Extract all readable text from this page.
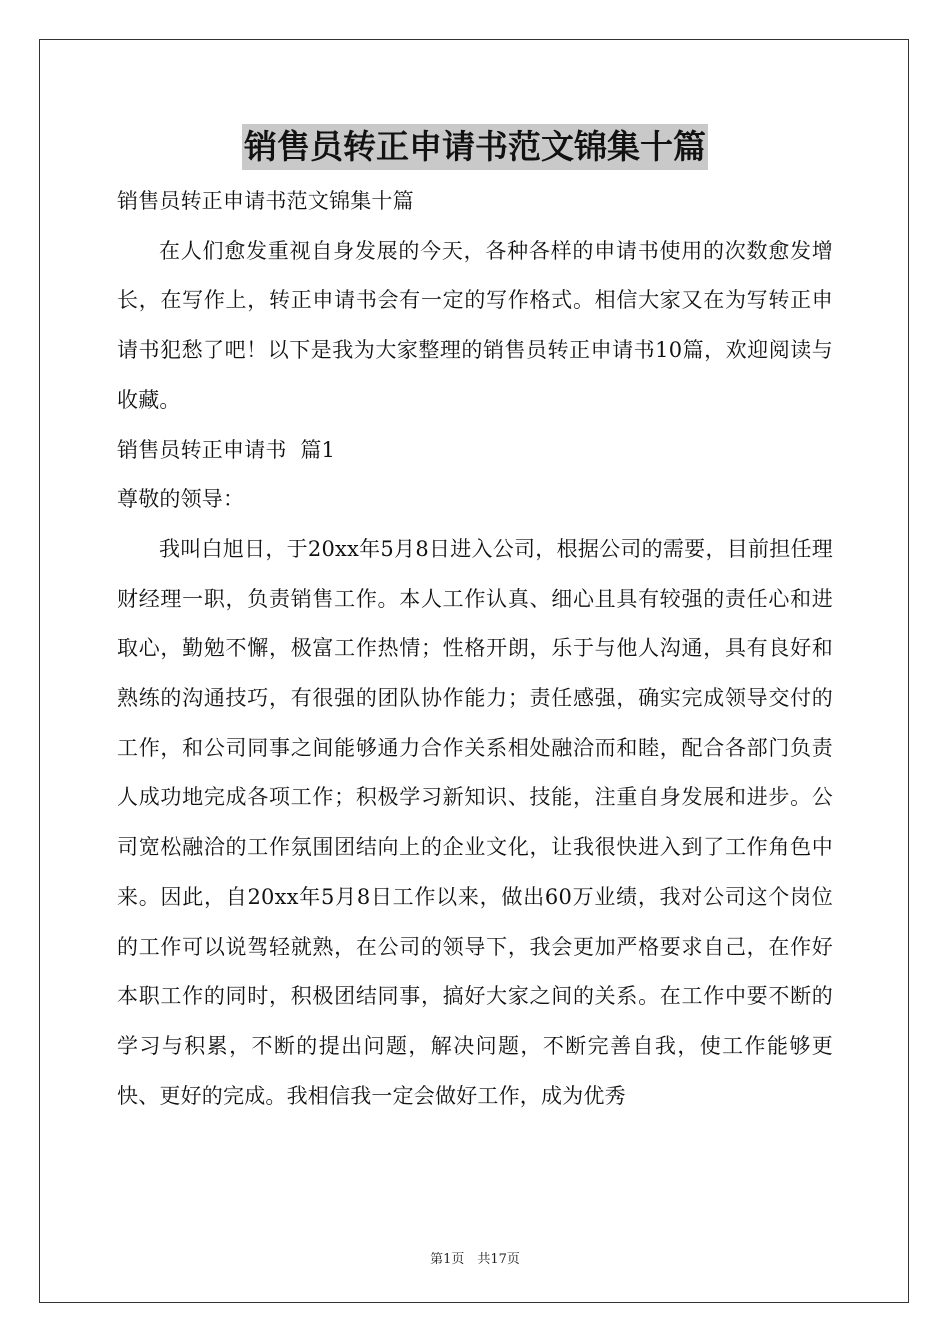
销售员转正申请书范文锦集十篇
销售员转正申请书范文锦集十篇

在人们愈发重视自身发展的今天，各种各样的申请书使用的次数愈发增长，在写作上，转正申请书会有一定的写作格式。相信大家又在为写转正申请书犯愁了吧！以下是我为大家整理的销售员转正申请书10篇，欢迎阅读与收藏。

销售员转正申请书  篇1
尊敬的领导：

我叫白旭日，于20xx年5月8日进入公司，根据公司的需要，目前担任理财经理一职，负责销售工作。本人工作认真、细心且具有较强的责任心和进取心，勤勉不懈，极富工作热情；性格开朗，乐于与他人沟通，具有良好和熟练的沟通技巧，有很强的团队协作能力；责任感强，确实完成领导交付的工作，和公司同事之间能够通力合作关系相处融洽而和睦，配合各部门负责人成功地完成各项工作；积极学习新知识、技能，注重自身发展和进步。公司宽松融洽的工作氛围团结向上的企业文化，让我很快进入到了工作角色中来。因此，自20xx年5月8日工作以来，做出60万业绩，我对公司这个岗位的工作可以说驾轻就熟，在公司的领导下，我会更加严格要求自己，在作好本职工作的同时，积极团结同事，搞好大家之间的关系。在工作中要不断的学习与积累，不断的提出问题，解决问题，不断完善自我，使工作能够更快、更好的完成。我相信我一定会做好工作，成为优秀

第1页　共17页
